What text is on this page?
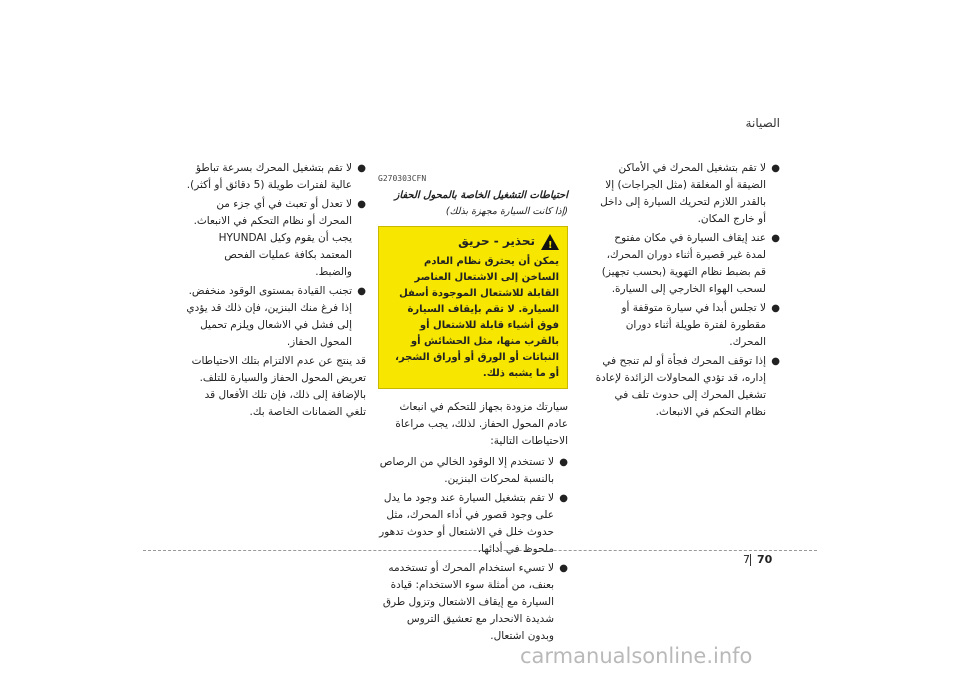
الصيانة
●
لا تقم بتشغيل المحرك في الأماكن الضيقة أو المغلقة (مثل الجراجات) إلا بالقدر اللازم لتحريك السيارة إلى داخل أو خارج المكان.
●
عند إيقاف السيارة في مكان مفتوح لمدة غير قصيرة أثناء دوران المحرك، قم بضبط نظام التهوية (بحسب تجهيز) لسحب الهواء الخارجي إلى السيارة.
●
لا تجلس أبدا في سيارة متوقفة أو مقطورة لفترة طويلة أثناء دوران المحرك.
●
إذا توقف المحرك فجأة أو لم تنجح في إداره، قد تؤدي المحاولات الزائدة لإعادة تشغيل المحرك إلى حدوث تلف في نظام التحكم في الانبعاث.
G270303CFN
احتياطات التشغيل الخاصة بالمحول الحفاز
(إذا كانت السيارة مجهزة بذلك)
!
تحذير - حريق
يمكن أن يحترق نظام العادم الساخن إلى الاشتعال العناصر القابلة للاشتعال الموجودة أسفل السيارة. لا تقم بإيقاف السيارة فوق أشياء قابلة للاشتعال أو بالقرب منها، مثل الحشائش أو النباتات أو الورق أو أوراق الشجر، أو ما يشبه ذلك.
سيارتك مزودة بجهاز للتحكم في انبعاث عادم المحول الحفاز. لذلك، يجب مراعاة الاحتياطات التالية:
●
لا تستخدم إلا الوقود الخالي من الرصاص بالنسبة لمحركات البنزين.
●
لا تقم بتشغيل السيارة عند وجود ما يدل على وجود قصور في أداء المحرك، مثل حدوث خلل في الاشتعال أو حدوث تدهور ملحوظ في أدائها.
●
لا تسيء استخدام المحرك أو تستخدمه بعنف، من أمثلة سوء الاستخدام: قيادة السيارة مع إيقاف الاشتعال وتزول طرق شديدة الانحدار مع تعشيق التروس وبدون اشتعال.
●
لا تقم بتشغيل المحرك بسرعة تباطؤ عالية لفترات طويلة (5 دقائق أو أكثر).
●
لا تعدل أو تعبث في أي جزء من المحرك أو نظام التحكم في الانبعاث. يجب أن يقوم وكيل HYUNDAI المعتمد بكافة عمليات الفحص والضبط.
●
تجنب القيادة بمستوى الوقود منخفض. إذا فرغ منك البنزين، فإن ذلك قد يؤدي إلى فشل في الاشعال ويلزم تحميل المحول الحفاز.
قد ينتج عن عدم الالتزام بتلك الاحتياطات تعريض المحول الحفاز والسيارة للتلف. بالإضافة إلى ذلك، فإن تلك الأفعال قد تلغي الضمانات الخاصة بك.
7 70
carmanualsonline.info
